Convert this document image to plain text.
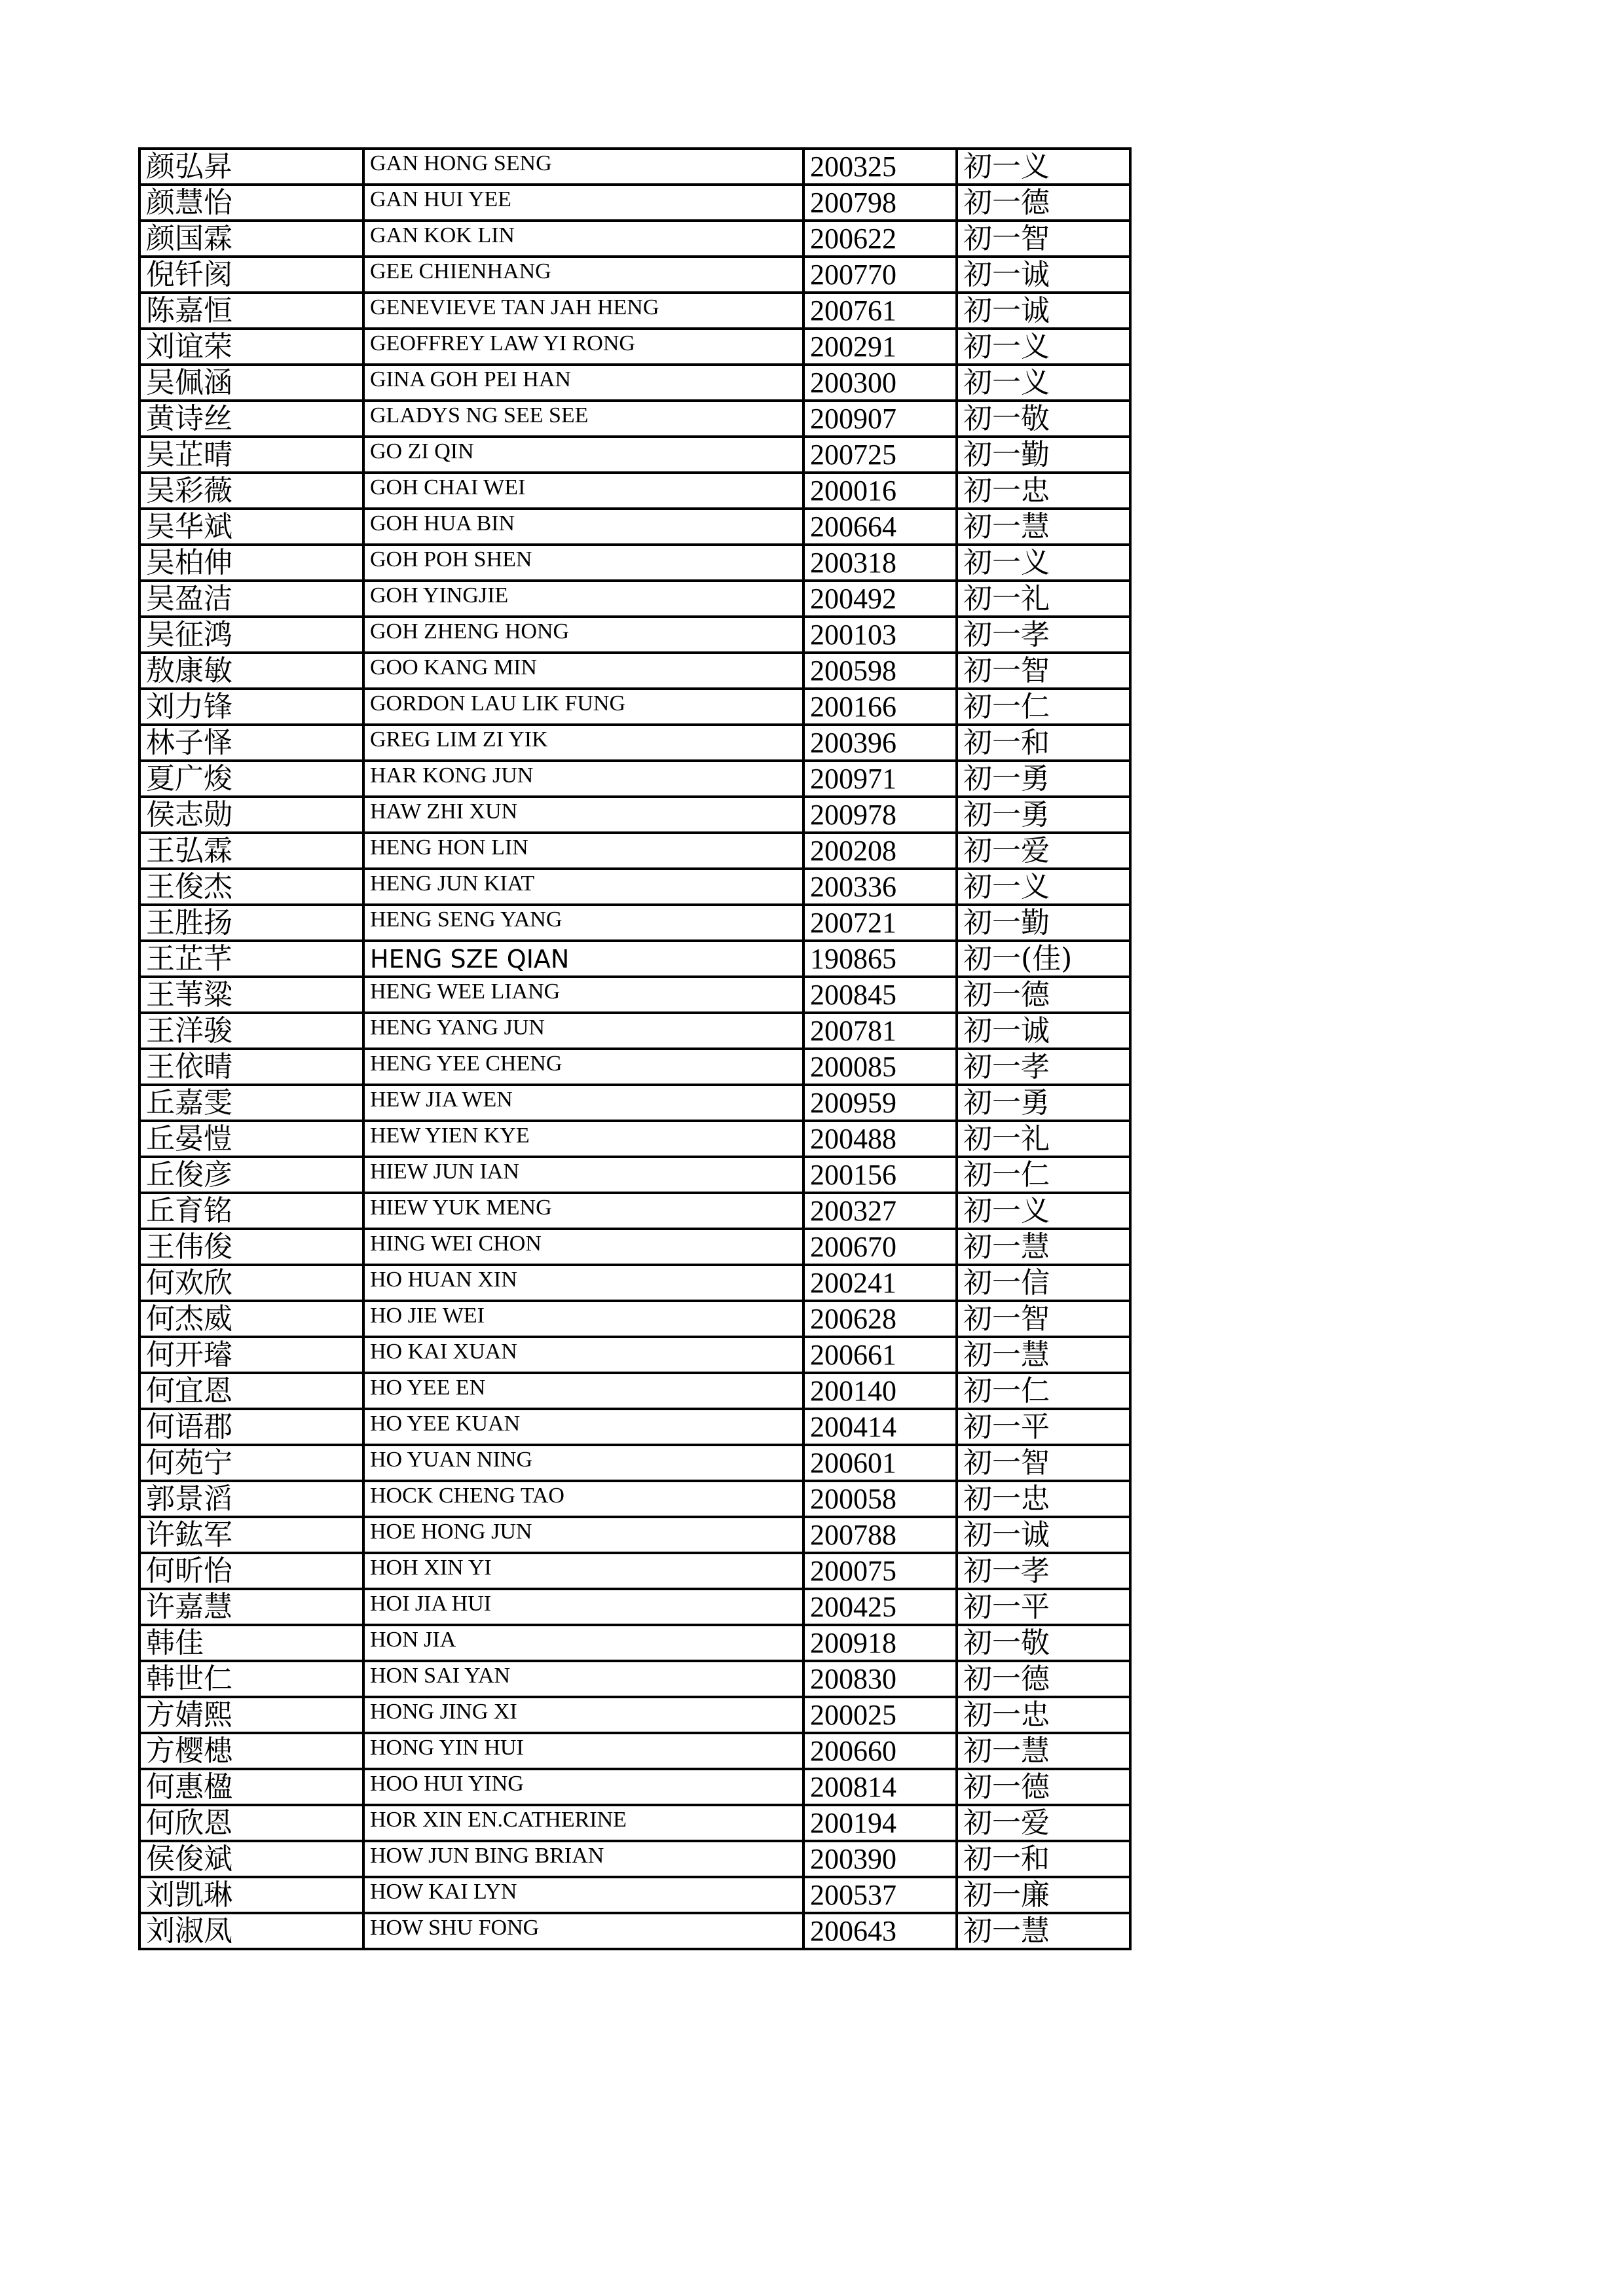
颜弘昇	GAN HONG SENG	200325	初一义
颜慧怡	GAN HUI YEE	200798	初一德
颜国霖	GAN KOK LIN	200622	初一智
倪钎阂	GEE CHIENHANG	200770	初一诚
陈嘉恒	GENEVIEVE TAN JAH HENG	200761	初一诚
刘谊荣	GEOFFREY LAW YI RONG	200291	初一义
吴佩涵	GINA GOH PEI HAN	200300	初一义
黄诗丝	GLADYS NG SEE SEE	200907	初一敬
吴芷晴	GO ZI QIN	200725	初一勤
吴彩薇	GOH CHAI WEI	200016	初一忠
吴华斌	GOH HUA BIN	200664	初一慧
吴柏伸	GOH POH SHEN	200318	初一义
吴盈洁	GOH YINGJIE	200492	初一礼
吴征鸿	GOH ZHENG HONG	200103	初一孝
敖康敏	GOO KANG MIN	200598	初一智
刘力锋	GORDON LAU LIK FUNG	200166	初一仁
林子怿	GREG LIM ZI YIK	200396	初一和
夏广焌	HAR KONG JUN	200971	初一勇
侯志勋	HAW ZHI XUN	200978	初一勇
王弘霖	HENG HON LIN	200208	初一爱
王俊杰	HENG JUN KIAT	200336	初一义
王胜扬	HENG SENG YANG	200721	初一勤
王芷芊	HENG SZE QIAN	190865	初一(佳)
王苇粱	HENG WEE LIANG	200845	初一德
王洋骏	HENG YANG JUN	200781	初一诚
王依晴	HENG YEE CHENG	200085	初一孝
丘嘉雯	HEW JIA WEN	200959	初一勇
丘晏愷	HEW YIEN KYE	200488	初一礼
丘俊彦	HIEW JUN IAN	200156	初一仁
丘育铭	HIEW YUK MENG	200327	初一义
王伟俊	HING WEI CHON	200670	初一慧
何欢欣	HO HUAN XIN	200241	初一信
何杰威	HO JIE WEI	200628	初一智
何开璿	HO KAI XUAN	200661	初一慧
何宜恩	HO YEE EN	200140	初一仁
何语郡	HO YEE KUAN	200414	初一平
何苑宁	HO YUAN NING	200601	初一智
郭景滔	HOCK CHENG TAO	200058	初一忠
许鈜军	HOE HONG JUN	200788	初一诚
何昕怡	HOH XIN YI	200075	初一孝
许嘉慧	HOI JIA HUI	200425	初一平
韩佳	HON JIA	200918	初一敬
韩世仁	HON SAI YAN	200830	初一德
方婧熙	HONG JING XI	200025	初一忠
方樱槵	HONG YIN HUI	200660	初一慧
何惠楹	HOO HUI YING	200814	初一德
何欣恩	HOR XIN EN.CATHERINE	200194	初一爱
侯俊斌	HOW JUN BING BRIAN	200390	初一和
刘凯琳	HOW KAI LYN	200537	初一廉
刘淑凤	HOW SHU FONG	200643	初一慧
